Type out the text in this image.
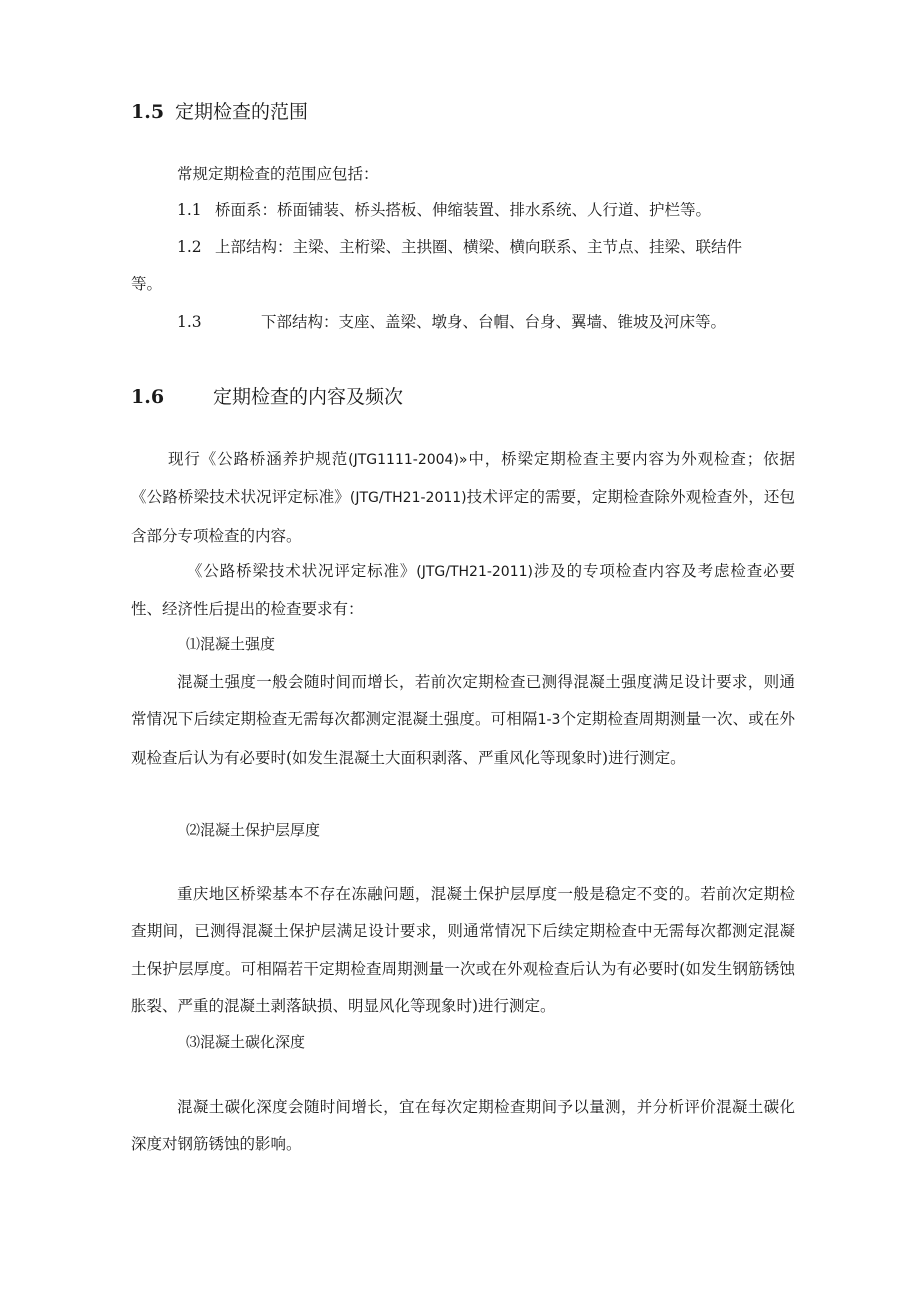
1.5 定期检查的范围

常规定期检查的范围应包括：

1.1 桥面系：桥面铺装、桥头搭板、伸缩装置、排水系统、人行道、护栏等。

1.2 上部结构：主梁、主桁梁、主拱圈、横梁、横向联系、主节点、挂梁、联结件

等。

1.3	下部结构：支座、盖梁、墩身、台帽、台身、翼墙、锥坡及河床等。

1.6	定期检查的内容及频次

现行《公路桥涵养护规范(JTG1111-2004)»中，桥梁定期检查主要内容为外观检查；依据《公路桥梁技术状况评定标准》(JTG/TH21-2011)技术评定的需要，定期检查除外观检查外，还包含部分专项检查的内容。

《公路桥梁技术状况评定标准》(JTG/TH21-2011)涉及的专项检查内容及考虑检查必要性、经济性后提出的检查要求有：

⑴混凝土强度

混凝土强度一般会随时间而增长，若前次定期检查已测得混凝土强度满足设计要求，则通常情况下后续定期检查无需每次都测定混凝土强度。可相隔1-3个定期检查周期测量一次、或在外观检查后认为有必要时(如发生混凝土大面积剥落、严重风化等现象时)进行测定。

⑵混凝土保护层厚度

重庆地区桥梁基本不存在冻融问题，混凝土保护层厚度一般是稳定不变的。若前次定期检查期间，已测得混凝土保护层满足设计要求，则通常情况下后续定期检查中无需每次都测定混凝土保护层厚度。可相隔若干定期检查周期测量一次或在外观检查后认为有必要时(如发生钢筋锈蚀胀裂、严重的混凝土剥落缺损、明显风化等现象时)进行测定。

⑶混凝土碳化深度

混凝土碳化深度会随时间增长，宜在每次定期检查期间予以量测，并分析评价混凝土碳化深度对钢筋锈蚀的影响。
